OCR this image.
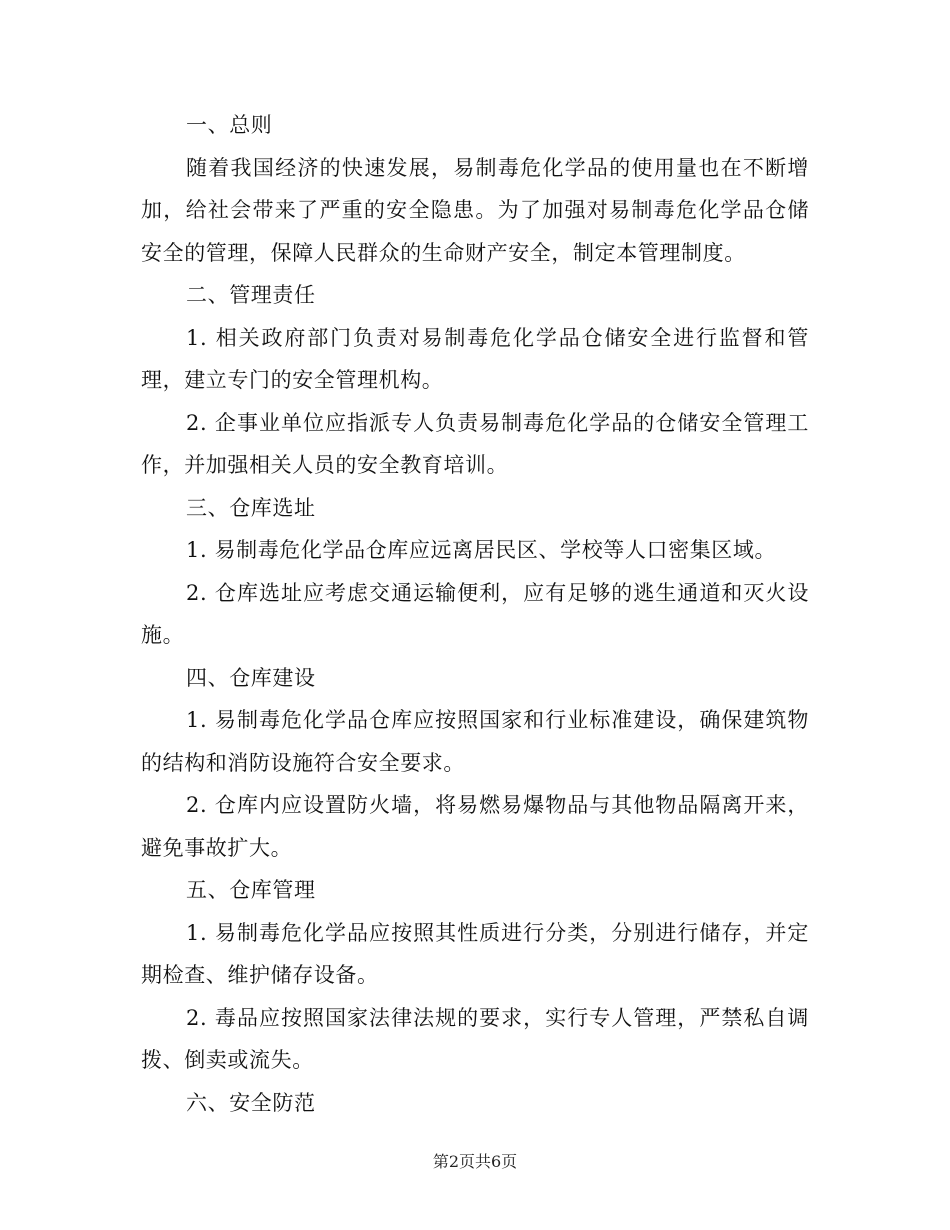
一、总则

随着我国经济的快速发展，易制毒危化学品的使用量也在不断增加，给社会带来了严重的安全隐患。为了加强对易制毒危化学品仓储安全的管理，保障人民群众的生命财产安全，制定本管理制度。

二、管理责任

1. 相关政府部门负责对易制毒危化学品仓储安全进行监督和管理，建立专门的安全管理机构。

2. 企事业单位应指派专人负责易制毒危化学品的仓储安全管理工作，并加强相关人员的安全教育培训。

三、仓库选址

1. 易制毒危化学品仓库应远离居民区、学校等人口密集区域。

2. 仓库选址应考虑交通运输便利，应有足够的逃生通道和灭火设施。

四、仓库建设

1. 易制毒危化学品仓库应按照国家和行业标准建设，确保建筑物的结构和消防设施符合安全要求。

2. 仓库内应设置防火墙，将易燃易爆物品与其他物品隔离开来，避免事故扩大。

五、仓库管理

1. 易制毒危化学品应按照其性质进行分类，分别进行储存，并定期检查、维护储存设备。

2. 毒品应按照国家法律法规的要求，实行专人管理，严禁私自调拨、倒卖或流失。

六、安全防范

第2页共6页
